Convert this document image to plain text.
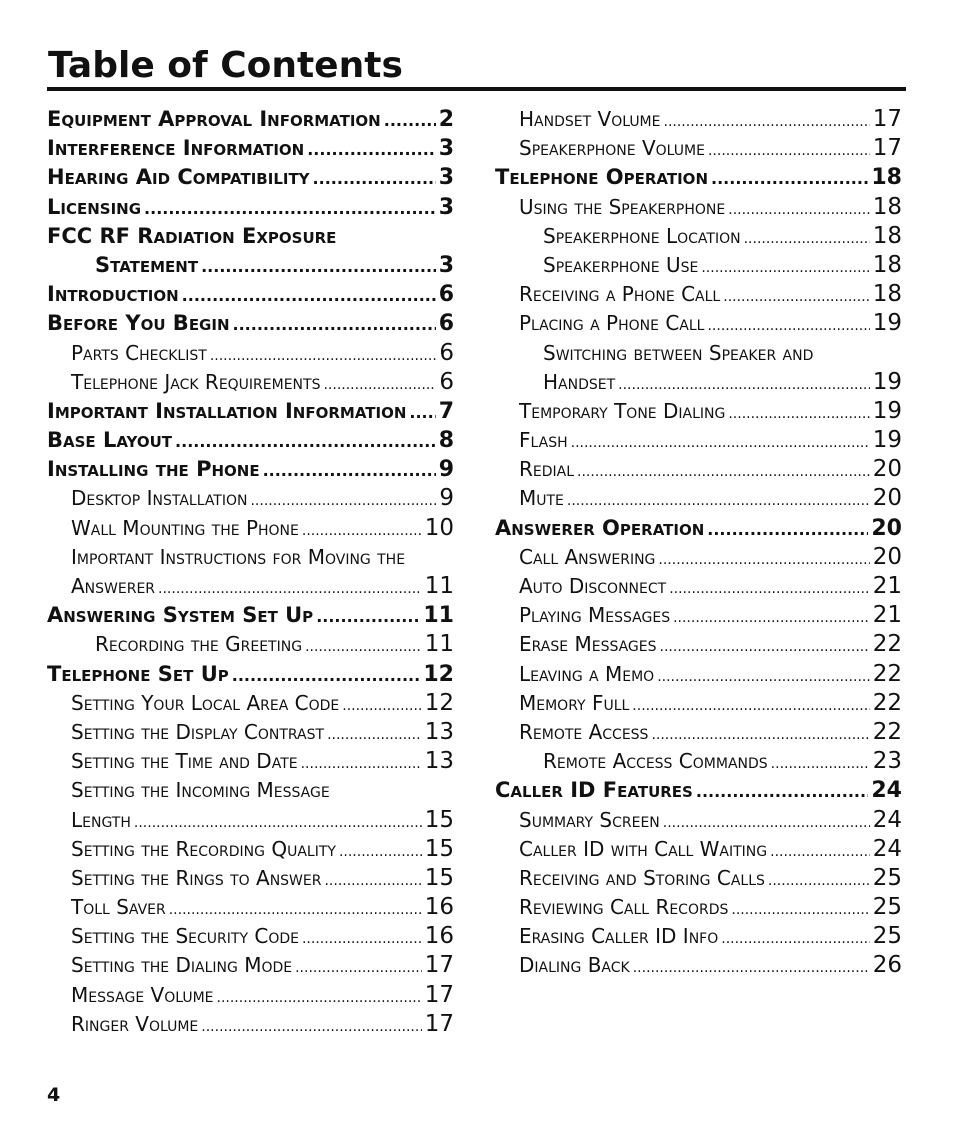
Table of Contents
Equipment Approval Information .....	2
Interference Information .....	3
Hearing Aid Compatibility .....	3
Licensing .....	3
FCC RF Radiation Exposure
Statement .....	3
Introduction .....	6
Before You Begin .....	6
Parts Checklist .....	6
Telephone Jack Requirements .....	6
Important Installation Information ..... 7
Base Layout .....	8
Installing the Phone .....	9
Desktop Installation .....	9
Wall Mounting the Phone .....	10
Important Instructions for Moving the
Answerer .....	11
Answering System Set Up .....	11
Recording the Greeting .....	11
Telephone Set Up .....	12
Setting Your Local Area Code .....	12
Setting the Display Contrast .....	13
Setting the Time and Date .....	13
Setting the Incoming Message
Length .....	15
Setting the Recording Quality .....	15
Setting the Rings to Answer .....	15
Toll Saver .....	16
Setting the Security Code .....	16
Setting the Dialing Mode .....	17
Message Volume .....	17
Ringer Volume .....	17
Handset Volume .....	17
Speakerphone Volume .....	17
Telephone Operation .....	18
Using the Speakerphone .....	18
Speakerphone Location .....	18
Speakerphone Use .....	18
Receiving a Phone Call .....	18
Placing a Phone Call .....	19
Switching between Speaker and
Handset .....	19
Temporary Tone Dialing .....	19
Flash .....	19
Redial .....	20
Mute .....	20
Answerer Operation .....	20
Call Answering .....	20
Auto Disconnect .....	21
Playing Messages .....	21
Erase Messages .....	22
Leaving a Memo .....	22
Memory Full .....	22
Remote Access .....	22
Remote Access Commands .....	23
Caller ID Features .....	24
Summary Screen .....	24
Caller ID with Call Waiting .....	24
Receiving and Storing Calls .....	25
Reviewing Call Records .....	25
Erasing Caller ID Info .....	25
Dialing Back .....	26
4
